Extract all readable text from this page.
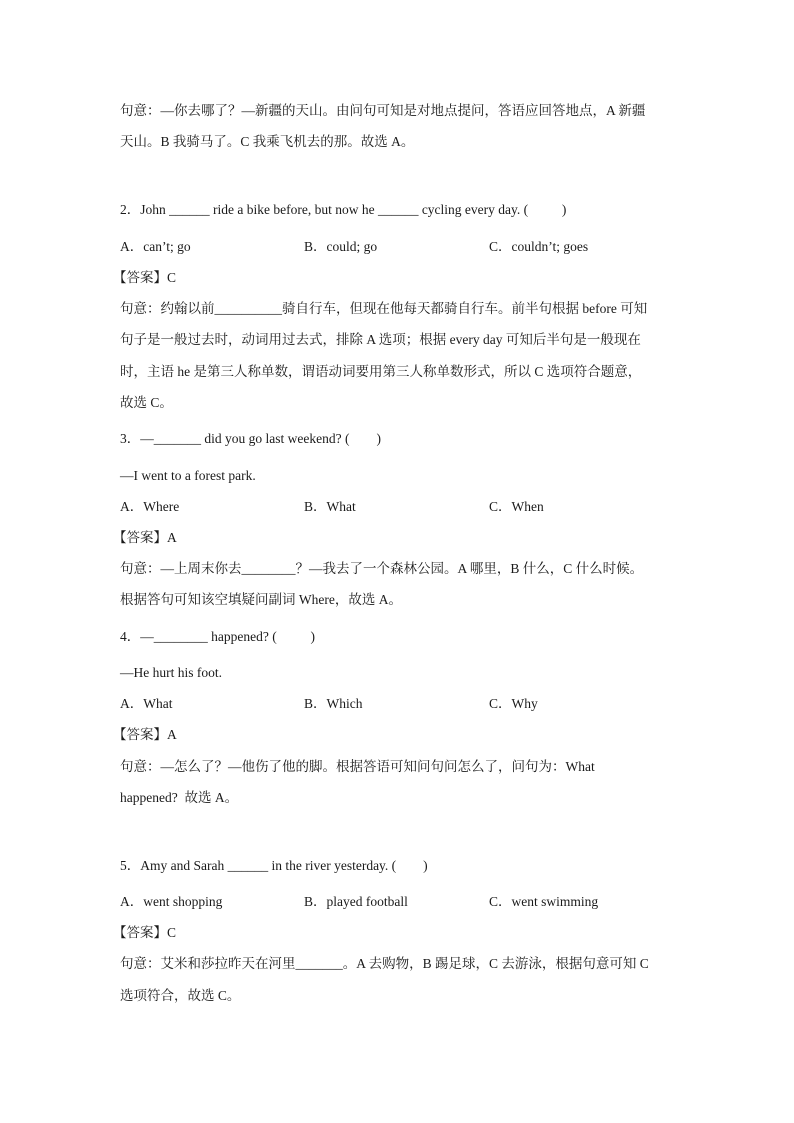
句意：—你去哪了？—新疆的天山。由问句可知是对地点提问，答语应回答地点，A 新疆
天山。B 我骑马了。C 我乘飞机去的那。故选 A。
2．John ______ ride a bike before, but now he ______ cycling every day. (          )
A．can’t; go	B．could; go	C．couldn’t; goes
【答案】C
句意：约翰以前__________骑自行车，但现在他每天都骑自行车。前半句根据 before 可知
句子是一般过去时，动词用过去式，排除 A 选项；根据 every day 可知后半句是一般现在
时，主语 he 是第三人称单数，谓语动词要用第三人称单数形式，所以 C 选项符合题意，
故选 C。
3．—_______ did you go last weekend? (        )
—I went to a forest park.
A．Where	B．What	C．When
【答案】A
句意：—上周末你去________？—我去了一个森林公园。A 哪里，B 什么，C 什么时候。
根据答句可知该空填疑问副词 Where，故选 A。
4．—________ happened? (          )
—He hurt his foot.
A．What	B．Which	C．Why
【答案】A
句意：—怎么了？—他伤了他的脚。根据答语可知问句问怎么了，问句为：What
happened?  故选 A。
5．Amy and Sarah ______ in the river yesterday. (        )
A．went shopping	B．played football	C．went swimming
【答案】C
句意：艾米和莎拉昨天在河里_______。A 去购物，B 踢足球，C 去游泳，根据句意可知 C
选项符合，故选 C。
